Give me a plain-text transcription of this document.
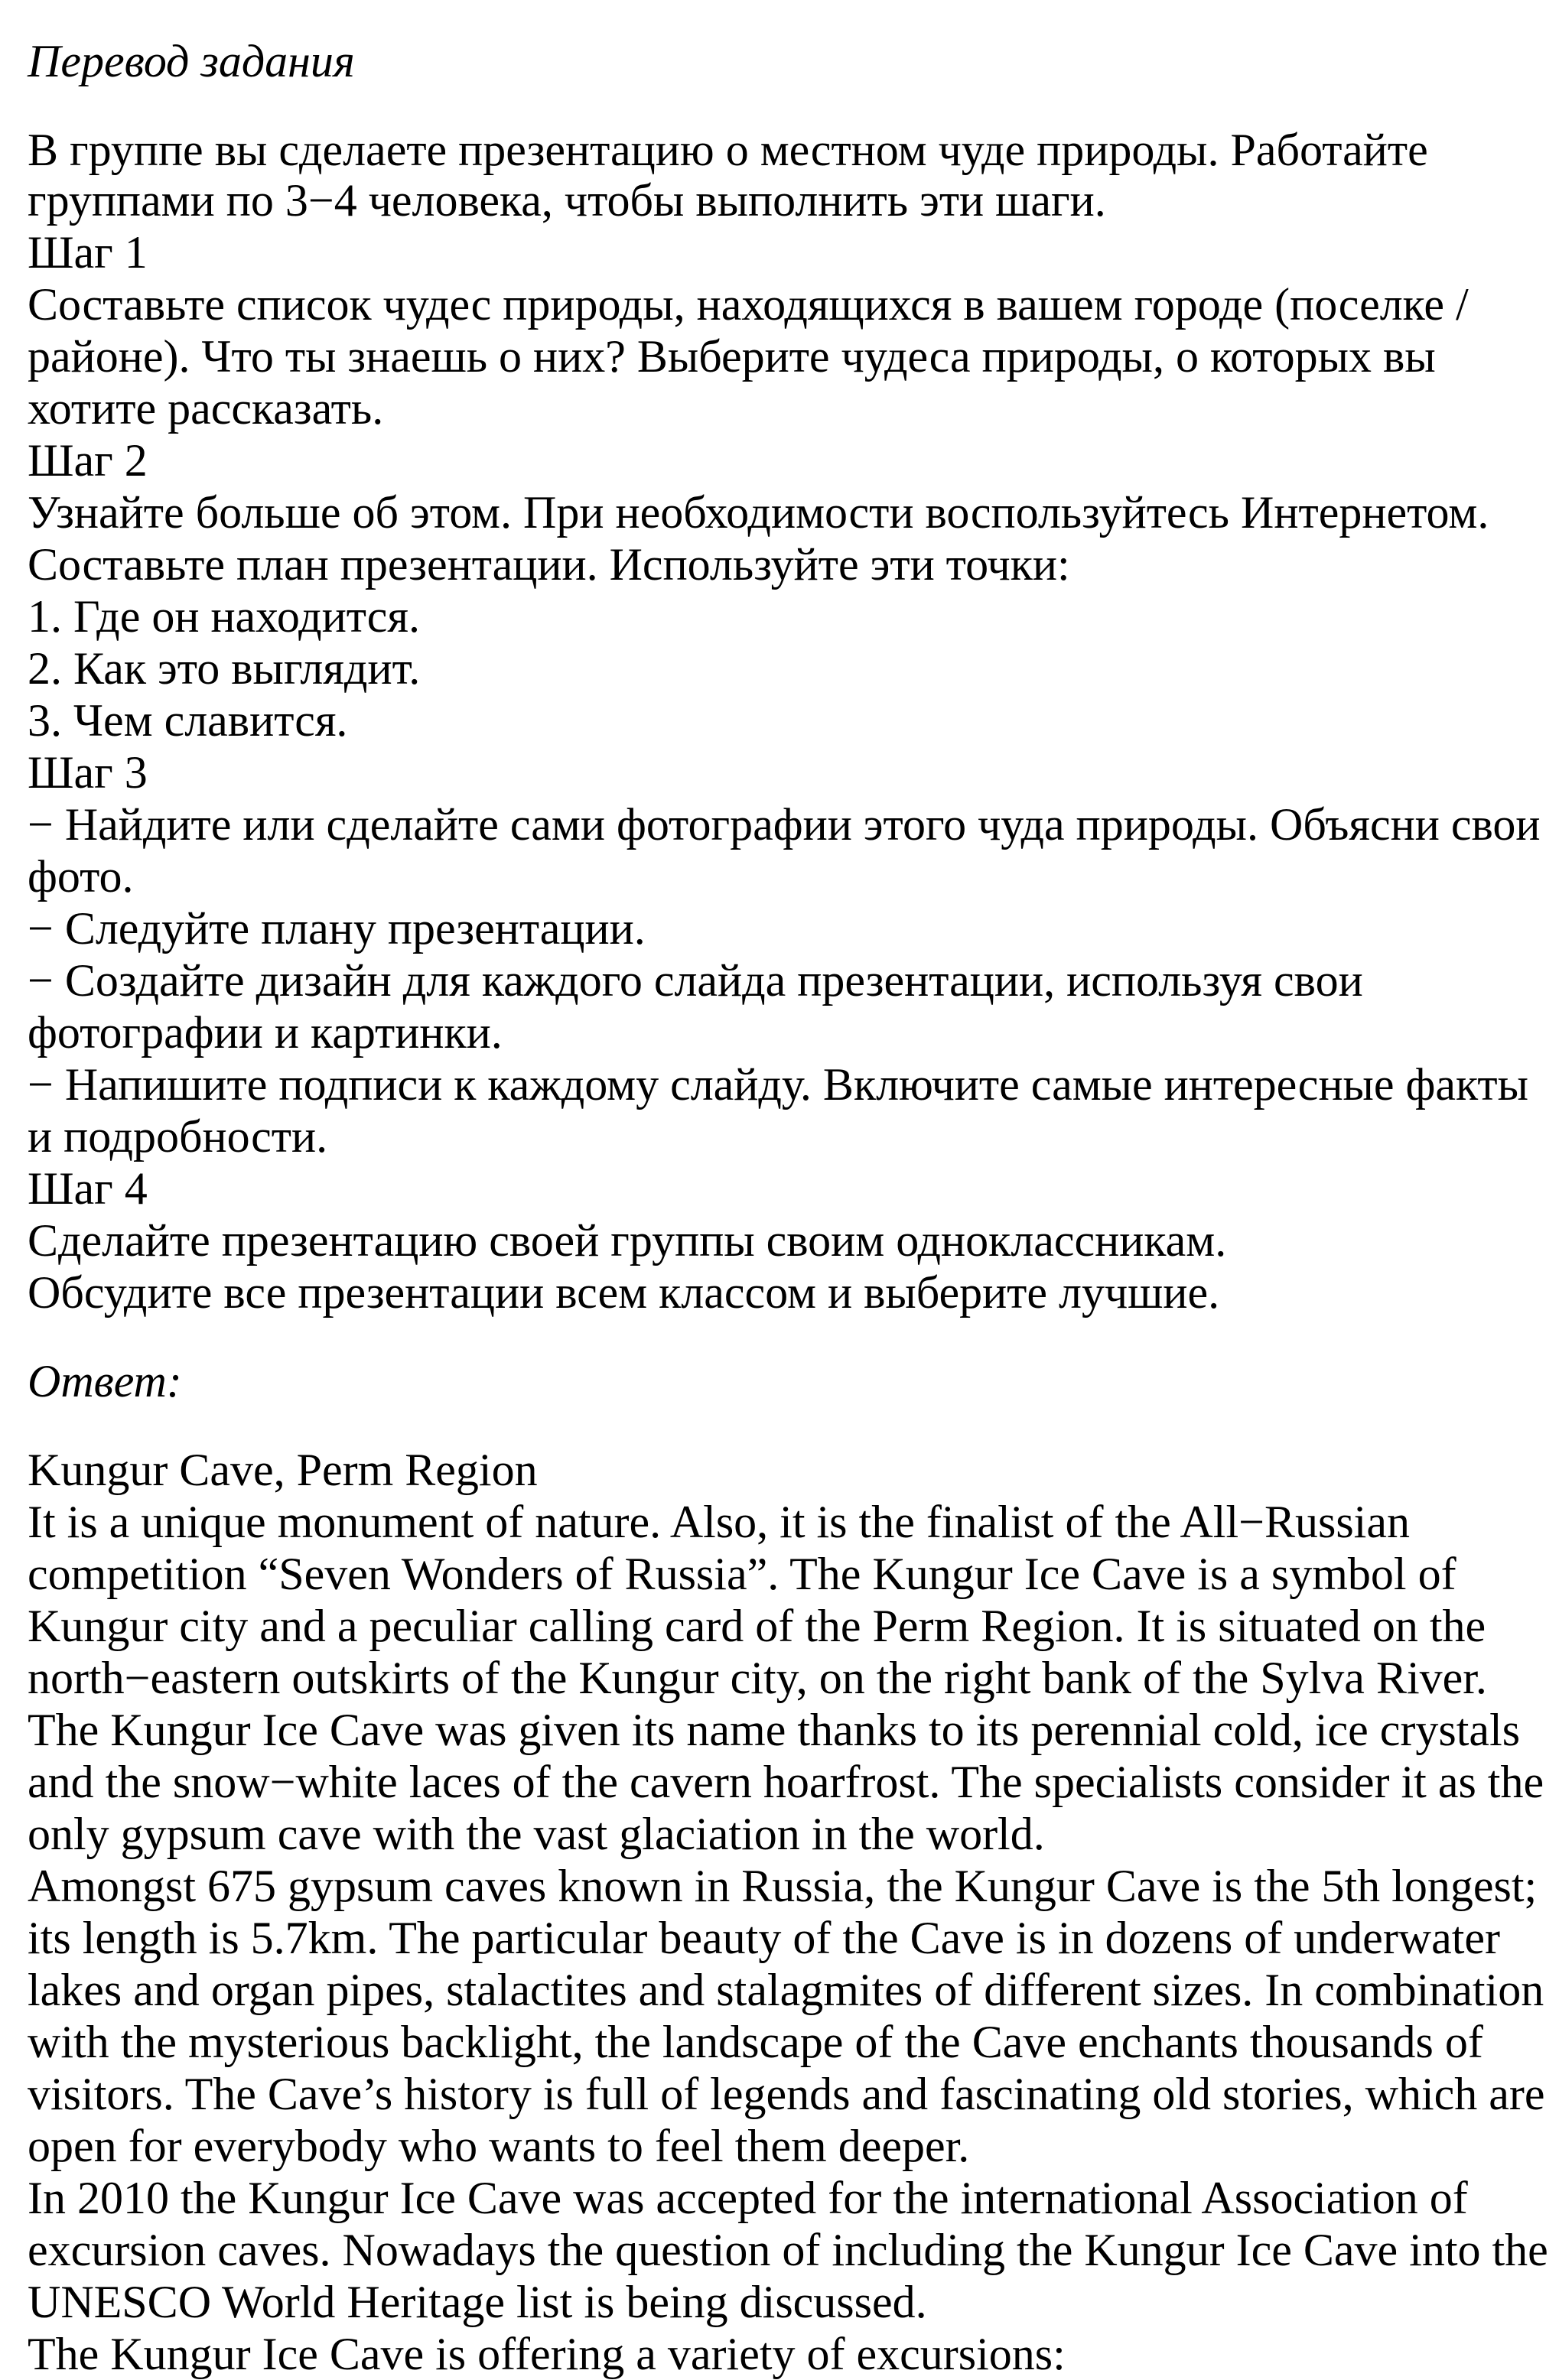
Перевод задания
В группе вы сделаете презентацию о местном чуде природы. Работайте
группами по 3−4 человека, чтобы выполнить эти шаги.
Шаг 1
Составьте список чудес природы, находящихся в вашем городе (поселке /
районе). Что ты знаешь о них? Выберите чудеса природы, о которых вы
хотите рассказать.
Шаг 2
Узнайте больше об этом. При необходимости воспользуйтесь Интернетом.
Составьте план презентации. Используйте эти точки:
1. Где он находится.
2. Как это выглядит.
3. Чем славится.
Шаг 3
− Найдите или сделайте сами фотографии этого чуда природы. Объясни свои
фото.
− Следуйте плану презентации.
− Создайте дизайн для каждого слайда презентации, используя свои
фотографии и картинки.
− Напишите подписи к каждому слайду. Включите самые интересные факты
и подробности.
Шаг 4
Сделайте презентацию своей группы своим одноклассникам.
Обсудите все презентации всем классом и выберите лучшие.
Ответ:
Kungur Cave, Perm Region
It is a unique monument of nature. Also, it is the finalist of the All−Russian
competition “Seven Wonders of Russia”. The Kungur Ice Cave is a symbol of
Kungur city and a peculiar calling card of the Perm Region. It is situated on the
north−eastern outskirts of the Kungur city, on the right bank of the Sylva River.
The Kungur Ice Cave was given its name thanks to its perennial cold, ice crystals
and the snow−white laces of the cavern hoarfrost. The specialists consider it as the
only gypsum cave with the vast glaciation in the world.
Amongst 675 gypsum caves known in Russia, the Kungur Cave is the 5th longest;
its length is 5.7km. The particular beauty of the Cave is in dozens of underwater
lakes and organ pipes, stalactites and stalagmites of different sizes. In combination
with the mysterious backlight, the landscape of the Cave enchants thousands of
visitors. The Cave’s history is full of legends and fascinating old stories, which are
open for everybody who wants to feel them deeper.
In 2010 the Kungur Ice Cave was accepted for the international Association of
excursion caves. Nowadays the question of including the Kungur Ice Cave into the
UNESCO World Heritage list is being discussed.
The Kungur Ice Cave is offering a variety of excursions:
